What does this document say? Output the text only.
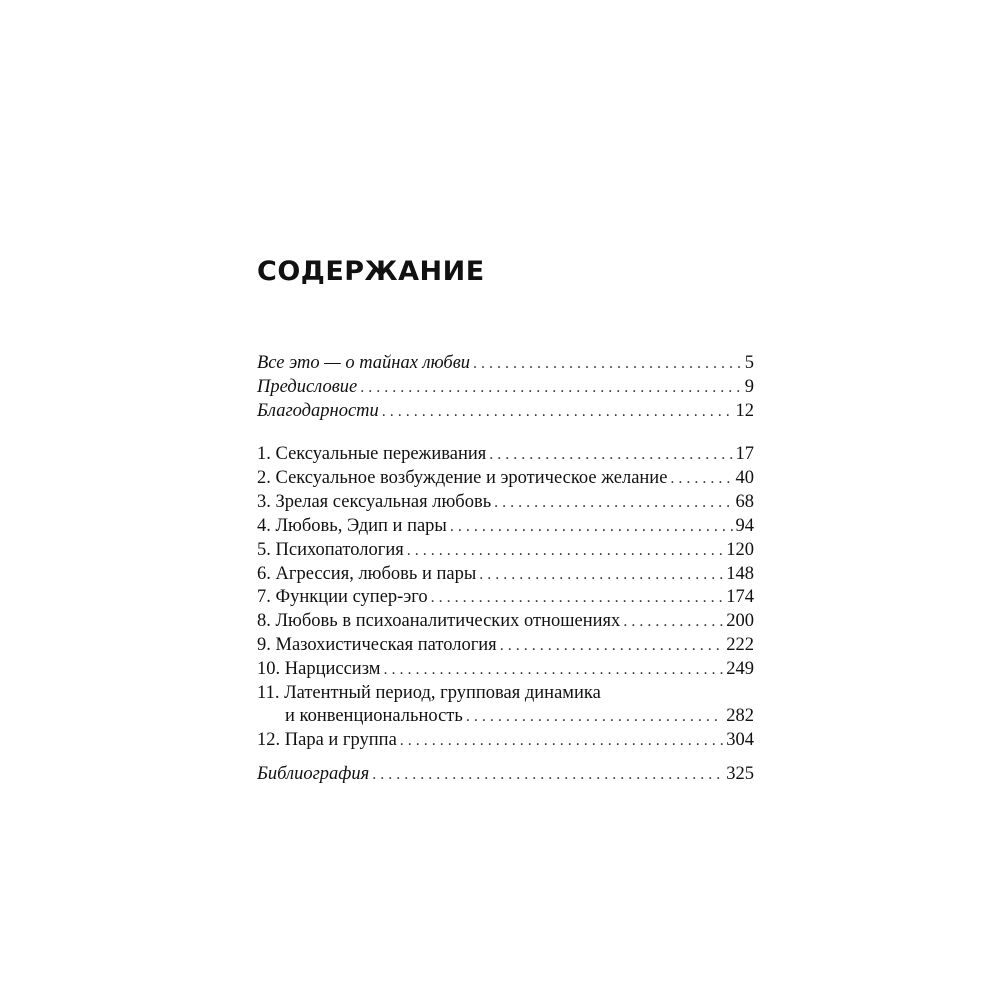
СОДЕРЖАНИЕ
Все это — о тайнах любви . . .	5
Предисловие . . .	9
Благодарности . . .	12
1. Сексуальные переживания . . .	17
2. Сексуальное возбуждение и эротическое желание . . .	40
3. Зрелая сексуальная любовь . . .	68
4. Любовь, Эдип и пары . . .	94
5. Психопатология . . .	120
6. Агрессия, любовь и пары . . .	148
7. Функции супер-эго . . .	174
8. Любовь в психоаналитических отношениях . . .	200
9. Мазохистическая патология . . .	222
10. Нарциссизм . . .	249
11. Латентный период, групповая динамика
и конвенциональность . . .	282
12. Пара и группа . . .	304
Библиография . . .	325
